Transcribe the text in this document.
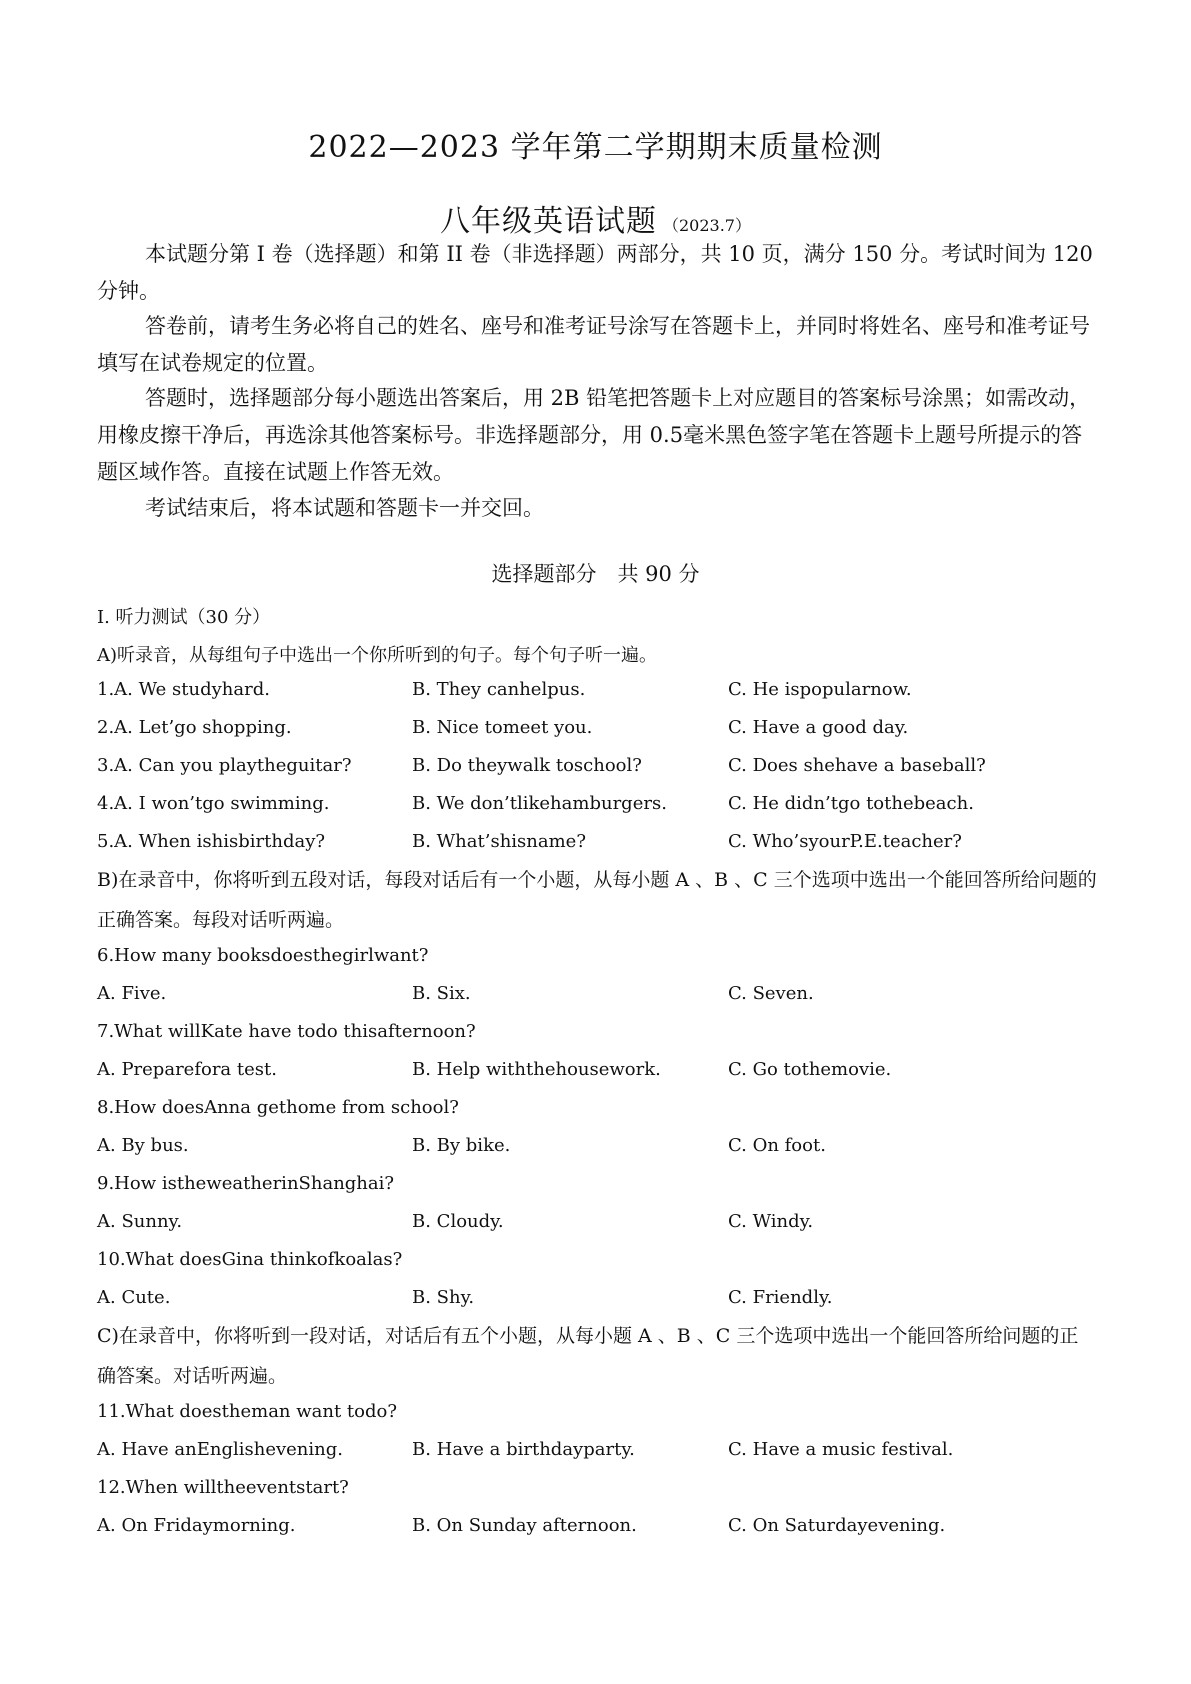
2022—2023 学年第二学期期末质量检测
八年级英语试题 （2023.7）
本试题分第 I 卷（选择题）和第 II 卷（非选择题）两部分，共 10 页，满分 150 分。考试时间为 120 分钟。
答卷前，请考生务必将自己的姓名、座号和准考证号涂写在答题卡上，并同时将姓名、座号和准考证号填写在试卷规定的位置。
答题时，选择题部分每小题选出答案后，用 2B 铅笔把答题卡上对应题目的答案标号涂黑；如需改动，用橡皮擦干净后，再选涂其他答案标号。非选择题部分，用 0.5毫米黑色签字笔在答题卡上题号所提示的答题区域作答。直接在试题上作答无效。
考试结束后，将本试题和答题卡一并交回。
选择题部分　共 90 分
I. 听力测试（30 分）
A)听录音，从每组句子中选出一个你所听到的句子。每个句子听一遍。
1.A. We studyhard.	B. They canhelpus.	C. He ispopularnow.
2.A. Let’go shopping.	B. Nice tomeet you.	C. Have a good day.
3.A. Can you playtheguitar?	B. Do theywalk toschool?	C. Does shehave a baseball?
4.A. I won’tgo swimming.	B. We don’tlikehamburgers.	C. He didn’tgo tothebeach.
5.A. When ishisbirthday?	B. What’shisname?	C. Who’syourP.E.teacher?
B)在录音中，你将听到五段对话，每段对话后有一个小题，从每小题 A 、B 、C 三个选项中选出一个能回答所给问题的正确答案。每段对话听两遍。
6.How many booksdoesthegirlwant?
A. Five.	B. Six.	C. Seven.
7.What willKate have todo thisafternoon?
A. Preparefora test.	B. Help withthehousework.	C. Go tothemovie.
8.How doesAnna gethome from school?
A. By bus.	B. By bike.	C. On foot.
9.How istheweatherinShanghai?
A. Sunny.	B. Cloudy.	C. Windy.
10.What doesGina thinkofkoalas?
A. Cute.	B. Shy.	C. Friendly.
C)在录音中，你将听到一段对话，对话后有五个小题，从每小题 A 、B 、C 三个选项中选出一个能回答所给问题的正确答案。对话听两遍。
11.What doestheman want todo?
A. Have anEnglishevening.	B. Have a birthdayparty.	C. Have a music festival.
12.When willtheeventstart?
A. On Fridaymorning.	B. On Sunday afternoon.	C. On Saturdayevening.
